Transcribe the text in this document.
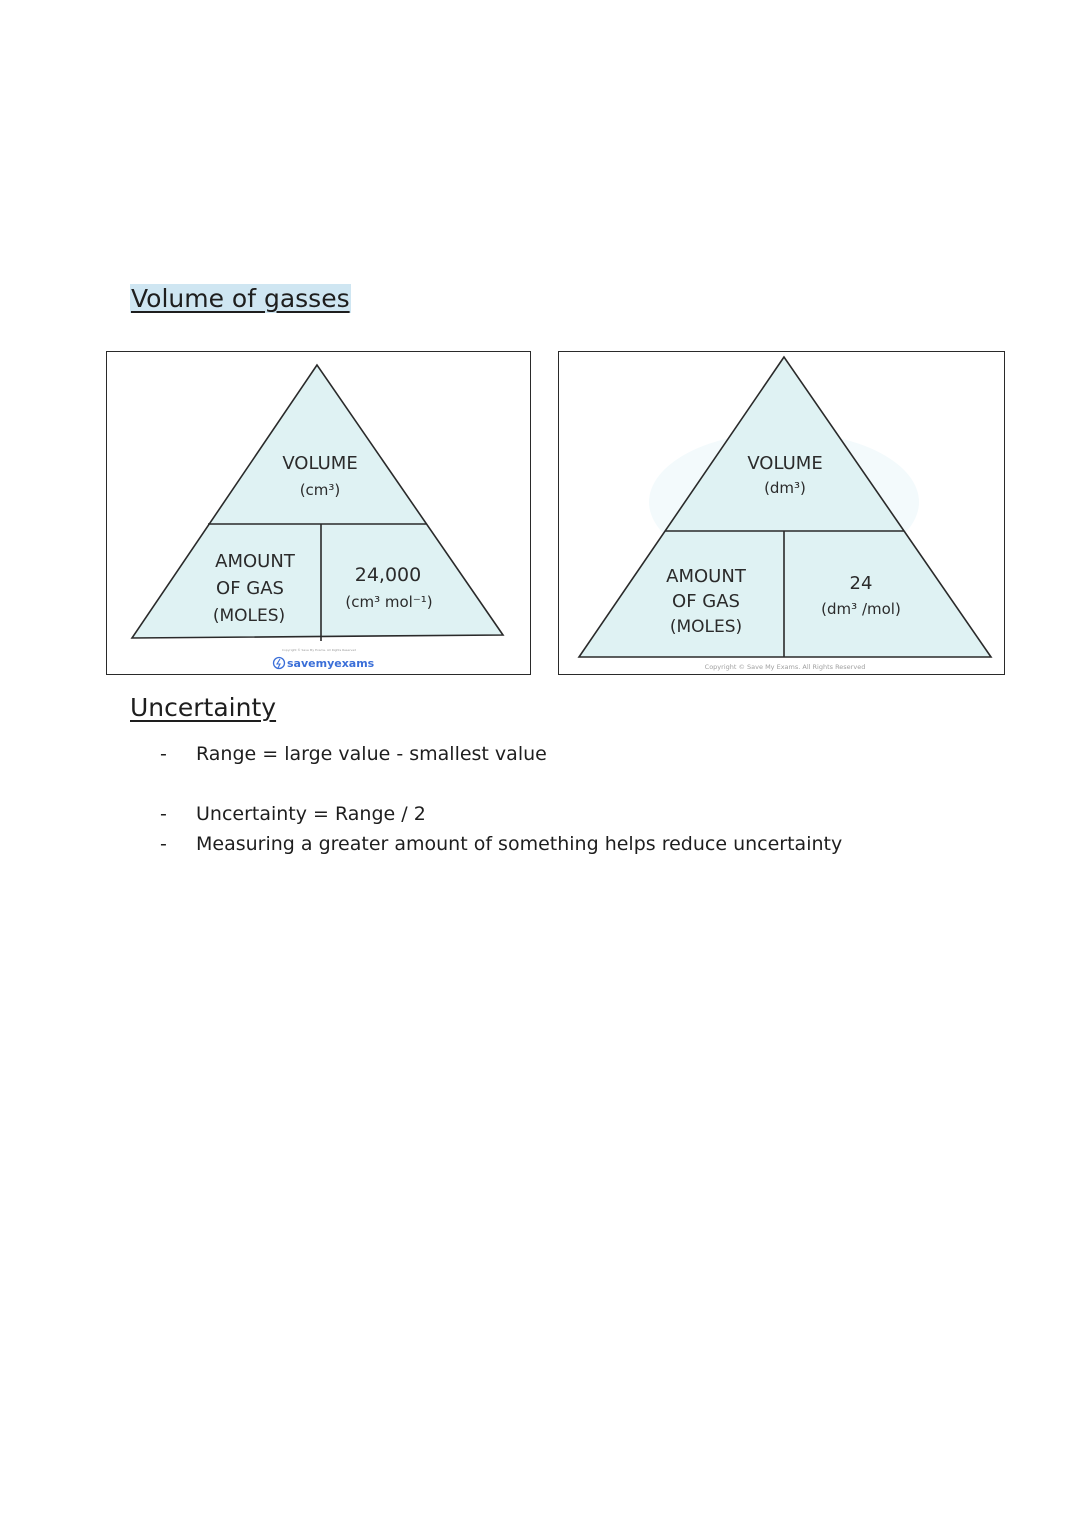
Volume of gasses
VOLUME
(cm³)
AMOUNT
OF GAS
(MOLES)
24,000
(cm³ mol⁻¹)
Copyright © Save My Exams. All Rights Reserved
savemyexams
VOLUME
(dm³)
AMOUNT
OF GAS
(MOLES)
24
(dm³ /mol)
Copyright © Save My Exams. All Rights Reserved
Uncertainty
- Range = large value - smallest value
- Uncertainty = Range / 2
- Measuring a greater amount of something helps reduce uncertainty
